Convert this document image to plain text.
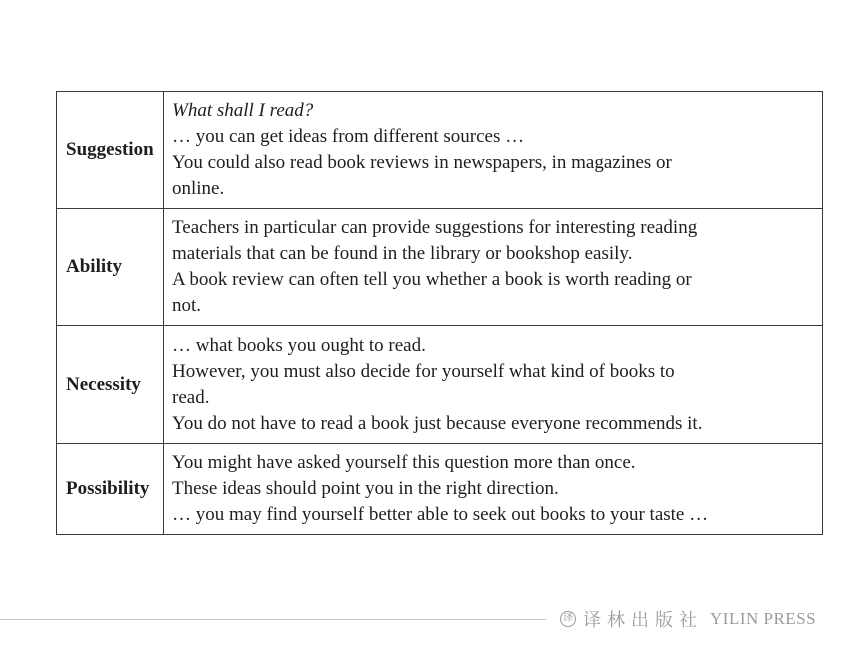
Suggestion	What shall I read?
… you can get ideas from different sources …
You could also read book reviews in newspapers, in magazines or
online.

Ability	Teachers in particular can provide suggestions for interesting reading
materials that can be found in the library or bookshop easily.
A book review can often tell you whether a book is worth reading or
not.

Necessity	… what books you ought to read.
However, you must also decide for yourself what kind of books to
read.
You do not have to read a book just because everyone recommends it.

Possibility	You might have asked yourself this question more than once.
These ideas should point you in the right direction.
… you may find yourself better able to seek out books to your taste …
译 译林出版社 YILIN PRESS
